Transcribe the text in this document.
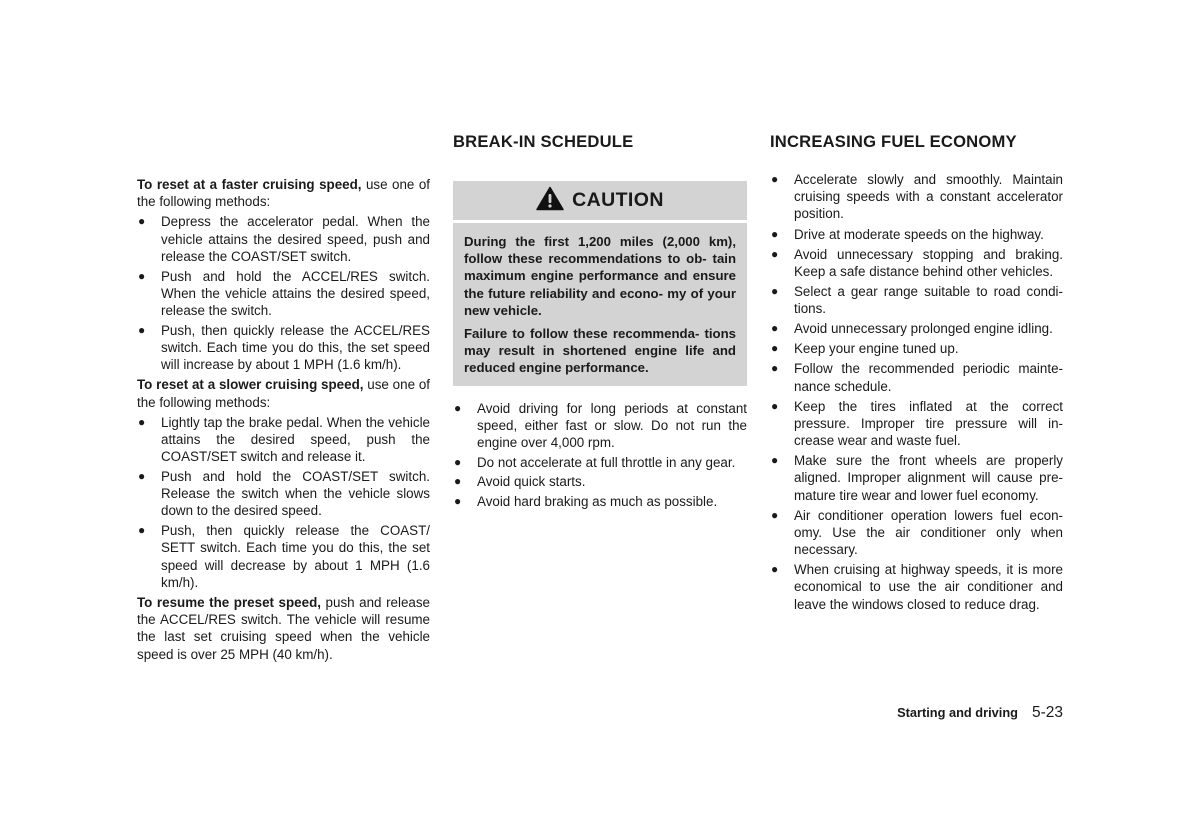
To reset at a faster cruising speed, use one of the following methods:

● Depress the accelerator pedal. When the vehicle attains the desired speed, push and release the COAST/SET switch.
● Push and hold the ACCEL/RES switch. When the vehicle attains the desired speed, release the switch.
● Push, then quickly release the ACCEL/RES switch. Each time you do this, the set speed will increase by about 1 MPH (1.6 km/h).

To reset at a slower cruising speed, use one of the following methods:

● Lightly tap the brake pedal. When the vehicle attains the desired speed, push the COAST/SET switch and release it.
● Push and hold the COAST/SET switch. Release the switch when the vehicle slows down to the desired speed.
● Push, then quickly release the COAST/ SETT switch. Each time you do this, the set speed will decrease by about 1 MPH (1.6 km/h).

To resume the preset speed, push and release the ACCEL/RES switch. The vehicle will resume the last set cruising speed when the vehicle speed is over 25 MPH (40 km/h).

BREAK-IN SCHEDULE
CAUTION

During the first 1,200 miles (2,000 km), follow these recommendations to ob- tain maximum engine performance and ensure the future reliability and econo- my of your new vehicle.

Failure to follow these recommenda- tions may result in shortened engine life and reduced engine performance.

● Avoid driving for long periods at constant speed, either fast or slow. Do not run the engine over 4,000 rpm.
● Do not accelerate at full throttle in any gear.
● Avoid quick starts.
● Avoid hard braking as much as possible.
INCREASING FUEL ECONOMY
● Accelerate slowly and smoothly. Maintain cruising speeds with a constant accelerator position.
● Drive at moderate speeds on the highway.
● Avoid unnecessary stopping and braking. Keep a safe distance behind other vehicles.
● Select a gear range suitable to road condi- tions.
● Avoid unnecessary prolonged engine idling.
● Keep your engine tuned up.
● Follow the recommended periodic mainte- nance schedule.
● Keep the tires inflated at the correct pressure. Improper tire pressure will in- crease wear and waste fuel.
● Make sure the front wheels are properly aligned. Improper alignment will cause pre- mature tire wear and lower fuel economy.
● Air conditioner operation lowers fuel econ- omy. Use the air conditioner only when necessary.
● When cruising at highway speeds, it is more economical to use the air conditioner and leave the windows closed to reduce drag.
Starting and driving 5-23
